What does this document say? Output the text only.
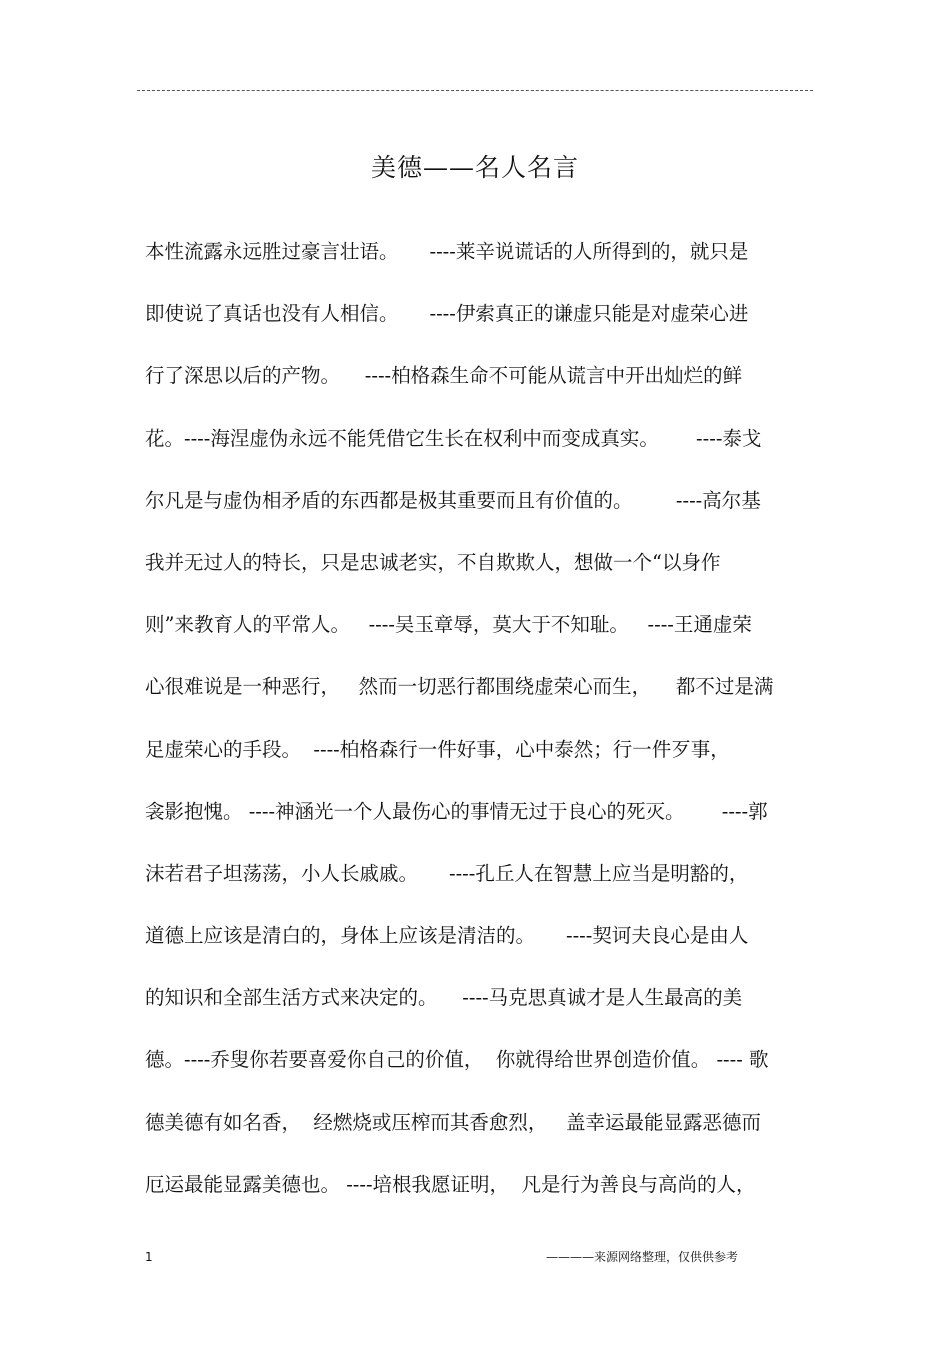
美德——名人名言
本性流露永远胜过豪言壮语。     ----莱辛说谎话的人所得到的，就只是
即使说了真话也没有人相信。     ----伊索真正的谦虚只能是对虚荣心进
行了深思以后的产物。    ----柏格森生命不可能从谎言中开出灿烂的鲜
花。----海涅虚伪永远不能凭借它生长在权利中而变成真实。      ----泰戈
尔凡是与虚伪相矛盾的东西都是极其重要而且有价值的。       ----高尔基
我并无过人的特长，只是忠诚老实，不自欺欺人，想做一个“以身作
则”来教育人的平常人。   ----吴玉章辱，莫大于不知耻。   ----王通虚荣
心很难说是一种恶行，   然而一切恶行都围绕虚荣心而生，    都不过是满
足虚荣心的手段。  ----柏格森行一件好事，心中泰然；行一件歹事，
衾影抱愧。 ----神涵光一个人最伤心的事情无过于良心的死灭。      ----郭
沫若君子坦荡荡，小人长戚戚。     ----孔丘人在智慧上应当是明豁的，
道德上应该是清白的，身体上应该是清洁的。     ----契诃夫良心是由人
的知识和全部生活方式来决定的。    ----马克思真诚才是人生最高的美
德。----乔叟你若要喜爱你自己的价值，  你就得给世界创造价值。 ---- 歌
德美德有如名香，  经燃烧或压榨而其香愈烈，   盖幸运最能显露恶德而
厄运最能显露美德也。 ----培根我愿证明，  凡是行为善良与高尚的人，
1	————来源网络整理，仅供供参考
